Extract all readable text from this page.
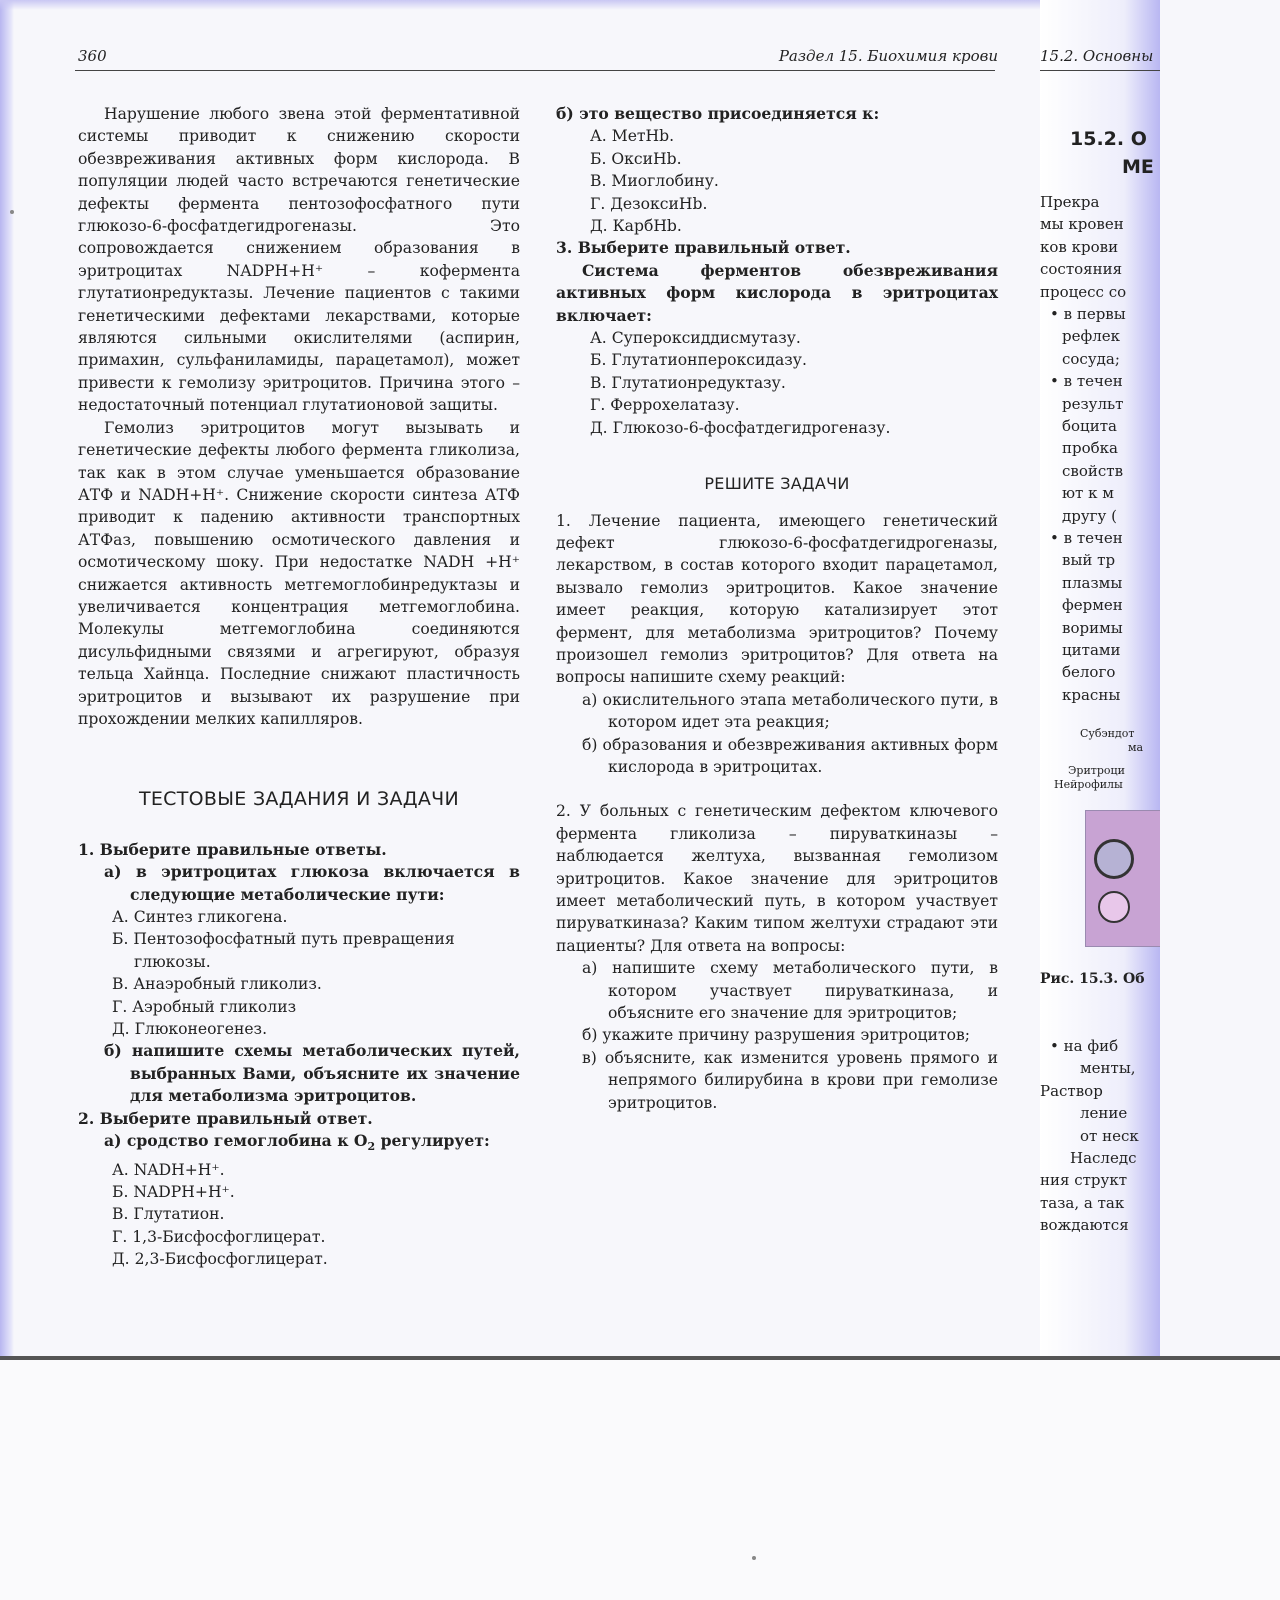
360	Раздел 15. Биохимия крови

Нарушение любого звена этой ферментативной системы приводит к снижению скорости обезвреживания активных форм кислорода. В популяции людей часто встречаются генетические дефекты фермента пентозофосфатного пути глюкозо-6-фосфатдегидрогеназы. Это сопровождается снижением образования в эритроцитах NADPH+H⁺ – кофермента глутатионредуктазы. Лечение пациентов с такими генетическими дефектами лекарствами, которые являются сильными окислителями (аспирин, примахин, сульфаниламиды, парацетамол), может привести к гемолизу эритроцитов. Причина этого – недостаточный потенциал глутатионовой защиты.

Гемолиз эритроцитов могут вызывать и генетические дефекты любого фермента гликолиза, так как в этом случае уменьшается образование АТФ и NADH+H⁺. Снижение скорости синтеза АТФ приводит к падению активности транспортных АТФаз, повышению осмотического давления и осмотическому шоку. При недостатке NADH +H⁺ снижается активность метгемоглобинредуктазы и увеличивается концентрация метгемоглобина. Молекулы метгемоглобина соединяются дисульфидными связями и агрегируют, образуя тельца Хайнца. Последние снижают пластичность эритроцитов и вызывают их разрушение при прохождении мелких капилляров.

ТЕСТОВЫЕ ЗАДАНИЯ И ЗАДАЧИ
1. Выберите правильные ответы.
а) в эритроцитах глюкоза включается в следующие метаболические пути:
А. Синтез гликогена.
Б. Пентозофосфатный путь превращения глюкозы.
В. Анаэробный гликолиз.
Г. Аэробный гликолиз
Д. Глюконеогенез.
б) напишите схемы метаболических путей, выбранных Вами, объясните их значение для метаболизма эритроцитов.
2. Выберите правильный ответ.
а) сродство гемоглобина к $O_2$ регулирует:
А. NADH+H⁺.
Б. NADPH+H⁺.
В. Глутатион.
Г. 1,3-Бисфосфоглицерат.
Д. 2,3-Бисфосфоглицерат.
б) это вещество присоединяется к:
А. МетHb.
Б. ОксиHb.
В. Миоглобину.
Г. ДезоксиHb.
Д. КарбHb.
3. Выберите правильный ответ.
Система ферментов обезвреживания активных форм кислорода в эритроцитах включает:
А. Супероксиддисмутазу.
Б. Глутатионпероксидазу.
В. Глутатионредуктазу.
Г. Феррохелатазу.
Д. Глюкозо-6-фосфатдегидрогеназу.
РЕШИТЕ ЗАДАЧИ
1. Лечение пациента, имеющего генетический дефект глюкозо-6-фосфатдегидрогеназы, лекарством, в состав которого входит парацетамол, вызвало гемолиз эритроцитов. Какое значение имеет реакция, которую катализирует этот фермент, для метаболизма эритроцитов? Почему произошел гемолиз эритроцитов? Для ответа на вопросы напишите схему реакций:
а) окислительного этапа метаболического пути, в котором идет эта реакция;
б) образования и обезвреживания активных форм кислорода в эритроцитах.
2. У больных с генетическим дефектом ключевого фермента гликолиза – пируваткиназы – наблюдается желтуха, вызванная гемолизом эритроцитов. Какое значение для эритроцитов имеет метаболический путь, в котором участвует пируваткиназа? Каким типом желтухи страдают эти пациенты? Для ответа на вопросы:
а) напишите схему метаболического пути, в котором участвует пируваткиназа, и объясните его значение для эритроцитов;
б) укажите причину разрушения эритроцитов;
в) объясните, как изменится уровень прямого и непрямого билирубина в крови при гемолизе эритроцитов.
15.2. Основны
15.2. О
МЕ
Прекра
мы кровен
ков крови
состояния
процесс со
• в первы
рефлек
сосуда;
• в течен
результ
боцита
пробка
свойств
ют к м
другу (
• в течен
вый тр
плазмы
фермен
воримы
цитами
белого
красны
Субэндот
ма
Эритроци
Нейрофилы
Рис. 15.3. Об
• на фиб
менты,
Раствор
ление
от неск
Наследс
ния структ
таза, а так
вождаются
